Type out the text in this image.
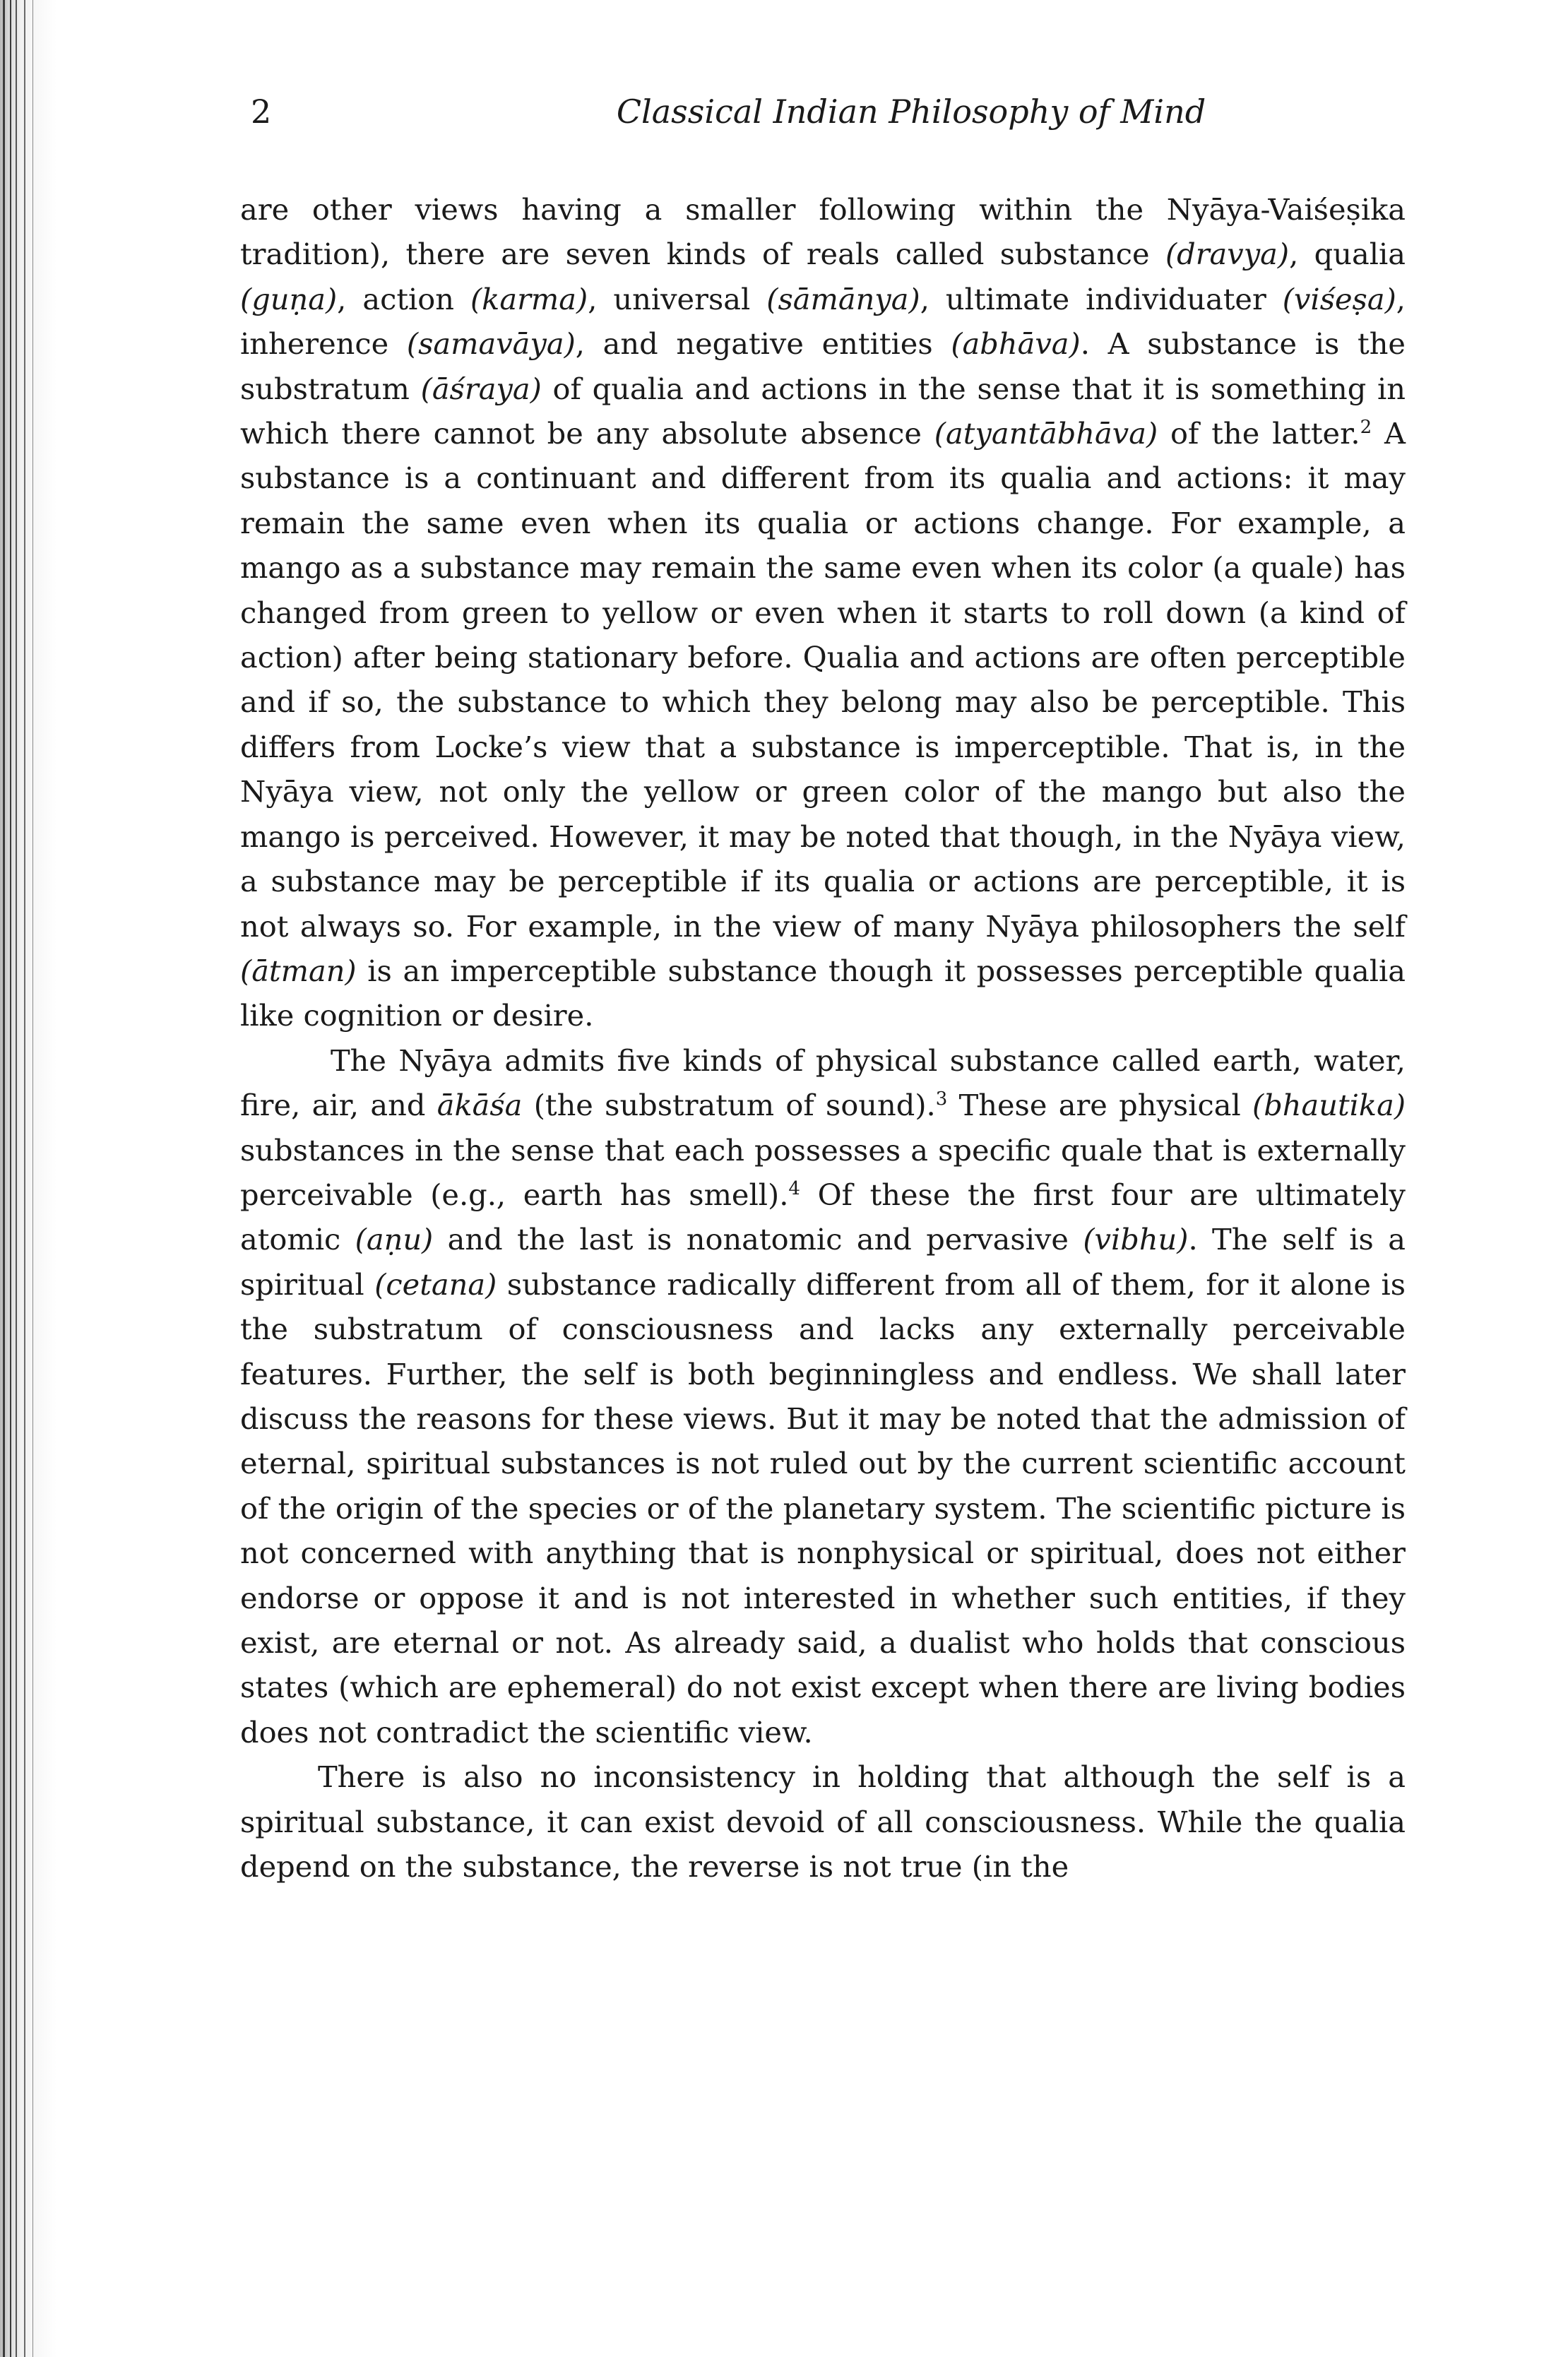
2	Classical Indian Philosophy of Mind

are other views having a smaller following within the Nyāya-Vaiśeṣika tradition), there are seven kinds of reals called substance (dravya), qualia (guṇa), action (karma), universal (sāmānya), ultimate individuater (viśeṣa), inherence (samavāya), and negative entities (abhāva). A substance is the substratum (āśraya) of qualia and actions in the sense that it is something in which there cannot be any absolute absence (atyantābhāva) of the latter.$^2$ A substance is a continuant and different from its qualia and actions: it may remain the same even when its qualia or actions change. For example, a mango as a substance may remain the same even when its color (a quale) has changed from green to yellow or even when it starts to roll down (a kind of action) after being stationary before. Qualia and actions are often perceptible and if so, the substance to which they belong may also be perceptible. This differs from Locke’s view that a substance is imperceptible. That is, in the Nyāya view, not only the yellow or green color of the mango but also the mango is perceived. However, it may be noted that though, in the Nyāya view, a substance may be perceptible if its qualia or actions are perceptible, it is not always so. For example, in the view of many Nyāya philosophers the self (ātman) is an imperceptible substance though it possesses perceptible qualia like cognition or desire.

The Nyāya admits five kinds of physical substance called earth, water, fire, air, and ākāśa (the substratum of sound).$^3$ These are physical (bhautika) substances in the sense that each possesses a specific quale that is externally perceivable (e.g., earth has smell).$^4$ Of these the first four are ultimately atomic (aṇu) and the last is nonatomic and pervasive (vibhu). The self is a spiritual (cetana) substance radically different from all of them, for it alone is the substratum of consciousness and lacks any externally perceivable features. Further, the self is both beginningless and endless. We shall later discuss the reasons for these views. But it may be noted that the admission of eternal, spiritual substances is not ruled out by the current scientific account of the origin of the species or of the planetary system. The scientific picture is not concerned with anything that is nonphysical or spiritual, does not either endorse or oppose it and is not interested in whether such entities, if they exist, are eternal or not. As already said, a dualist who holds that conscious states (which are ephemeral) do not exist except when there are living bodies does not contradict the scientific view.

There is also no inconsistency in holding that although the self is a spiritual substance, it can exist devoid of all consciousness. While the qualia depend on the substance, the reverse is not true (in the
